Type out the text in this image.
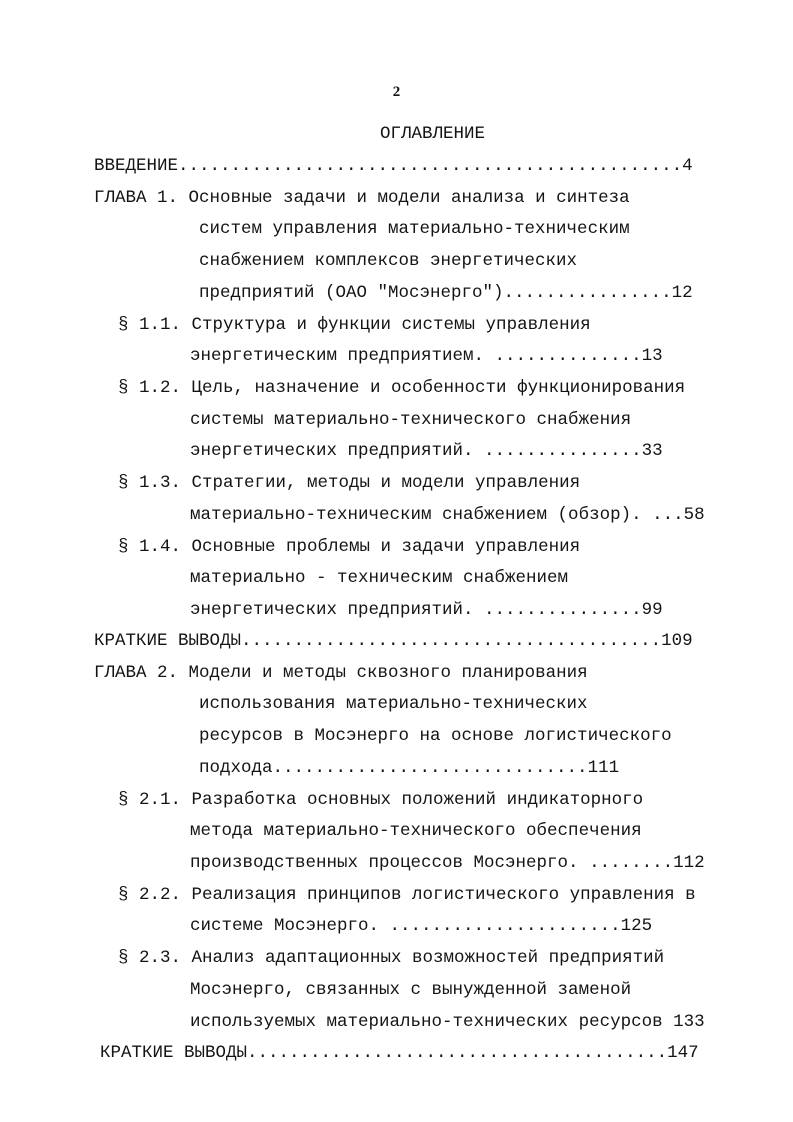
2
ОГЛАВЛЕНИЕ
ВВЕДЕНИЕ................................................4
ГЛАВА 1. Основные задачи и модели анализа и синтеза
систем управления материально-техническим
снабжением комплексов энергетических
предприятий (ОАО "Мосэнерго")................12
§ 1.1. Структура и функции системы управления
энергетическим предприятием. ..............13
§ 1.2. Цель, назначение и особенности функционирования
системы материально-технического снабжения
энергетических предприятий. ...............33
§ 1.3. Стратегии, методы и модели управления
материально-техническим снабжением (обзор). ...58
§ 1.4. Основные проблемы и задачи управления
материально - техническим снабжением
энергетических предприятий. ...............99
КРАТКИЕ ВЫВОДЫ........................................109
ГЛАВА 2. Модели и методы сквозного планирования
использования материально-технических
ресурсов в Мосэнерго на основе логистического
подхода..............................111
§ 2.1. Разработка основных положений индикаторного
метода материально-технического обеспечения
производственных процессов Мосэнерго. ........112
§ 2.2. Реализация принципов логистического управления в
системе Мосэнерго. ......................125
§ 2.3. Анализ адаптационных возможностей предприятий
Мосэнерго, связанных с вынужденной заменой
используемых материально-технических ресурсов 133
КРАТКИЕ ВЫВОДЫ........................................147
